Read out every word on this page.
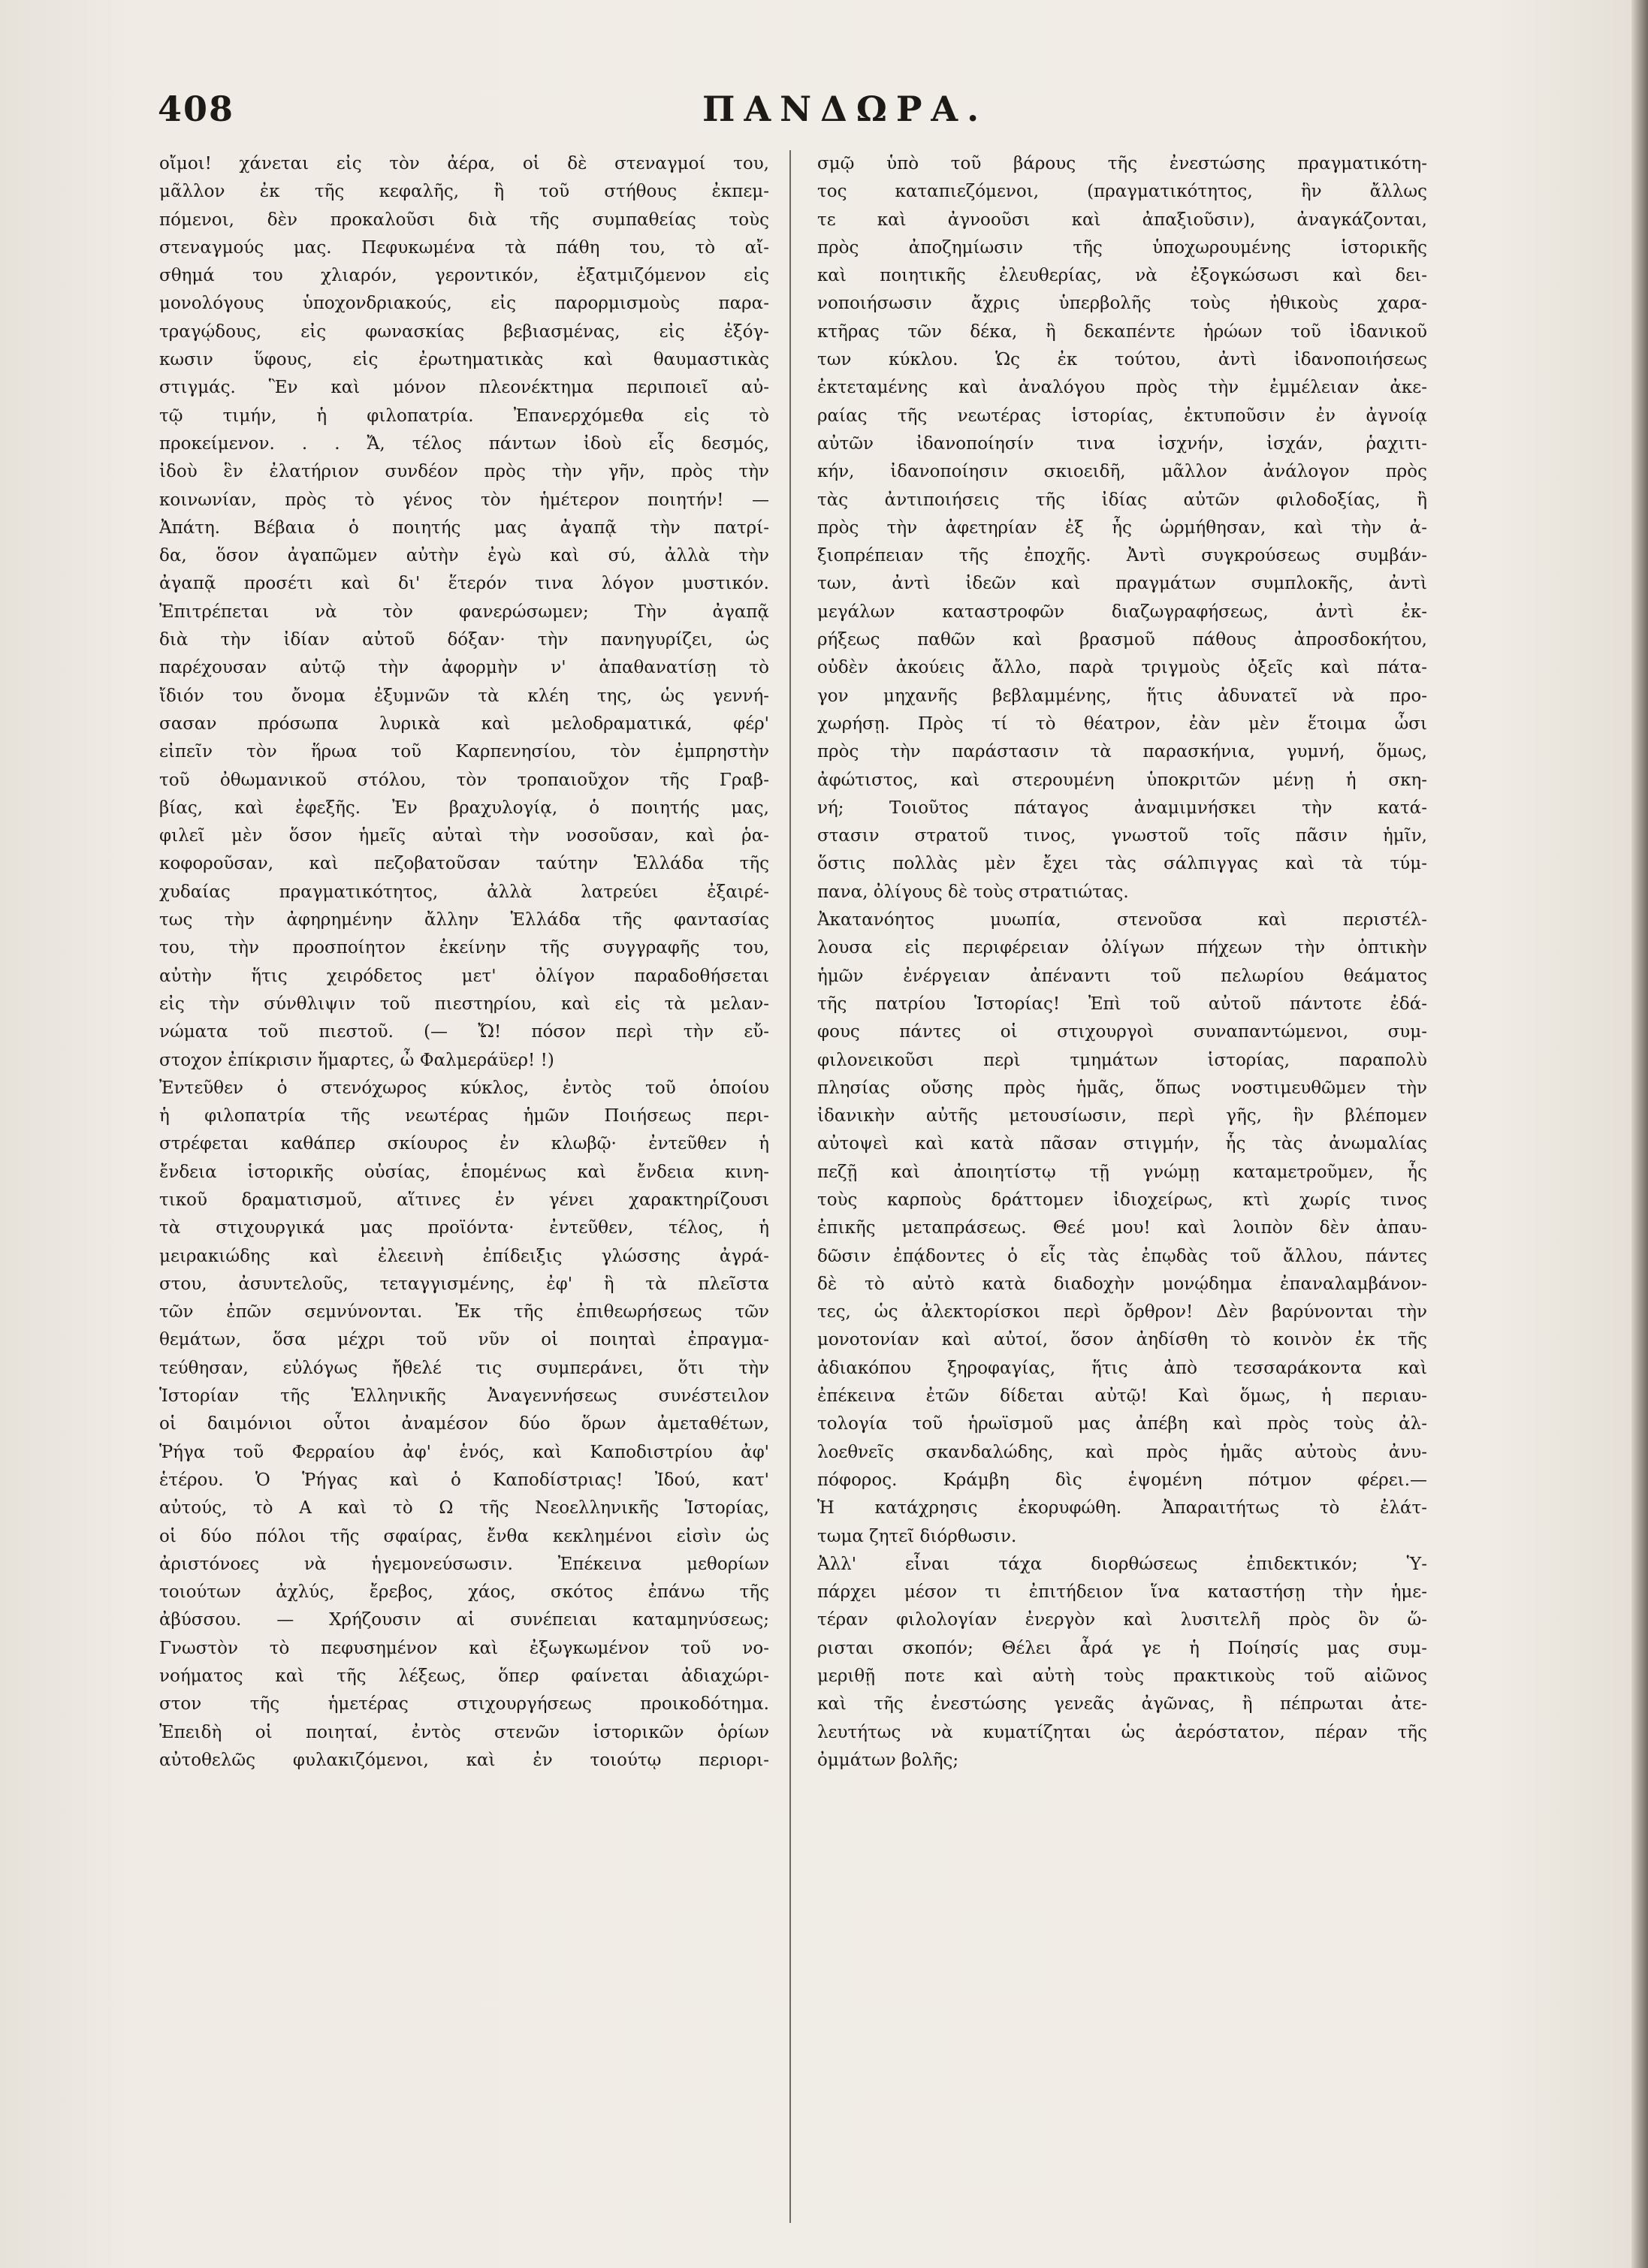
408	ΠΑΝΔΩΡΑ.
οἴμοι! χάνεται εἰς τὸν ἀέρα, οἱ δὲ στεναγμοί του,
μᾶλλον ἐκ τῆς κεφαλῆς, ἢ τοῦ στήθους ἐκπεμ-
πόμενοι, δὲν προκαλοῦσι διὰ τῆς συμπαθείας τοὺς
στεναγμούς μας. Πεφυκωμένα τὰ πάθη του, τὸ αἴ-
σθημά του χλιαρόν, γεροντικόν, ἐξατμιζόμενον εἰς
μονολόγους ὑποχονδριακούς, εἰς παρορμισμοὺς παρα-
τραγῴδους, εἰς φωνασκίας βεβιασμένας, εἰς ἐξόγ-
κωσιν ὕφους, εἰς ἐρωτηματικὰς καὶ θαυμαστικὰς
στιγμάς. Ἓν καὶ μόνον πλεονέκτημα περιποιεῖ αὐ-
τῷ τιμήν, ἡ φιλοπατρία. Ἐπανερχόμεθα εἰς τὸ
προκείμενον. . . Ἄ, τέλος πάντων ἰδοὺ εἷς δεσμός,
ἰδοὺ ἓν ἐλατήριον συνδέον πρὸς τὴν γῆν, πρὸς τὴν
κοινωνίαν, πρὸς τὸ γένος τὸν ἡμέτερον ποιητήν! —
Ἀπάτη. Βέβαια ὁ ποιητής μας ἀγαπᾷ τὴν πατρί-
δα, ὅσον ἀγαπῶμεν αὐτὴν ἐγὼ καὶ σύ, ἀλλὰ τὴν
ἀγαπᾷ προσέτι καὶ δι' ἕτερόν τινα λόγον μυστικόν.
Ἐπιτρέπεται νὰ τὸν φανερώσωμεν; Τὴν ἀγαπᾷ
διὰ τὴν ἰδίαν αὐτοῦ δόξαν· τὴν πανηγυρίζει, ὡς
παρέχουσαν αὐτῷ τὴν ἀφορμὴν ν' ἀπαθανατίσῃ τὸ
ἴδιόν του ὄνομα ἐξυμνῶν τὰ κλέη της, ὡς γεννή-
σασαν πρόσωπα λυρικὰ καὶ μελοδραματικά, φέρ'
εἰπεῖν τὸν ἥρωα τοῦ Καρπενησίου, τὸν ἐμπρηστὴν
τοῦ ὀθωμανικοῦ στόλου, τὸν τροπαιοῦχον τῆς Γραβ-
βίας, καὶ ἐφεξῆς. Ἐν βραχυλογίᾳ, ὁ ποιητής μας,
φιλεῖ μὲν ὅσον ἡμεῖς αὐταὶ τὴν νοσοῦσαν, καὶ ῥα-
κοφοροῦσαν, καὶ πεζοβατοῦσαν ταύτην Ἑλλάδα τῆς
χυδαίας πραγματικότητος, ἀλλὰ λατρεύει ἐξαιρέ-
τως τὴν ἀφηρημένην ἄλλην Ἑλλάδα τῆς φαντασίας
του, τὴν προσποίητον ἐκείνην τῆς συγγραφῆς του,
αὐτὴν ἥτις χειρόδετος μετ' ὀλίγον παραδοθήσεται
εἰς τὴν σύνθλιψιν τοῦ πιεστηρίου, καὶ εἰς τὰ μελαν-
νώματα τοῦ πιεστοῦ. (— Ὤ! πόσον περὶ τὴν εὔ-
στοχον ἐπίκρισιν ἥμαρτες, ὦ Φαλμεράϋερ! !)
Ἐντεῦθεν ὁ στενόχωρος κύκλος, ἐντὸς τοῦ ὁποίου
ἡ φιλοπατρία τῆς νεωτέρας ἡμῶν Ποιήσεως περι-
στρέφεται καθάπερ σκίουρος ἐν κλωβῷ· ἐντεῦθεν ἡ
ἔνδεια ἱστορικῆς οὐσίας, ἑπομένως καὶ ἔνδεια κινη-
τικοῦ δραματισμοῦ, αἵτινες ἐν γένει χαρακτηρίζουσι
τὰ στιχουργικά μας προϊόντα· ἐντεῦθεν, τέλος, ἡ
μειρακιώδης καὶ ἐλεεινὴ ἐπίδειξις γλώσσης ἀγρά-
στου, ἀσυντελοῦς, τεταγγισμένης, ἐφ' ἣ τὰ πλεῖστα
τῶν ἐπῶν σεμνύνονται. Ἐκ τῆς ἐπιθεωρήσεως τῶν
θεμάτων, ὅσα μέχρι τοῦ νῦν οἱ ποιηταὶ ἐπραγμα-
τεύθησαν, εὐλόγως ἤθελέ τις συμπεράνει, ὅτι τὴν
Ἱστορίαν τῆς Ἑλληνικῆς Ἀναγεννήσεως συνέστειλον
οἱ δαιμόνιοι οὗτοι ἀναμέσον δύο ὅρων ἀμεταθέτων,
Ῥήγα τοῦ Φερραίου ἀφ' ἑνός, καὶ Καποδιστρίου ἀφ'
ἑτέρου. Ὁ Ῥήγας καὶ ὁ Καποδίστριας! Ἰδού, κατ'
αὐτούς, τὸ Α καὶ τὸ Ω τῆς Νεοελληνικῆς Ἱστορίας,
οἱ δύο πόλοι τῆς σφαίρας, ἔνθα κεκλημένοι εἰσὶν ὡς
ἀριστόνοες νὰ ἡγεμονεύσωσιν. Ἐπέκεινα μεθορίων
τοιούτων ἀχλύς, ἔρεβος, χάος, σκότος ἐπάνω τῆς
ἀβύσσου. — Χρήζουσιν αἱ συνέπειαι καταμηνύσεως;
Γνωστὸν τὸ πεφυσημένον καὶ ἐξωγκωμένον τοῦ νο-
νοήματος καὶ τῆς λέξεως, ὅπερ φαίνεται ἀδιαχώρι-
στον τῆς ἡμετέρας στιχουργήσεως προικοδότημα.
Ἐπειδὴ οἱ ποιηταί, ἐντὸς στενῶν ἱστορικῶν ὁρίων
αὐτοθελῶς φυλακιζόμενοι, καὶ ἐν τοιούτῳ περιορι-
σμῷ ὑπὸ τοῦ βάρους τῆς ἐνεστώσης πραγματικότη-
τος καταπιεζόμενοι, (πραγματικότητος, ἣν ἄλλως
τε καὶ ἀγνοοῦσι καὶ ἀπαξιοῦσιν), ἀναγκάζονται,
πρὸς ἀποζημίωσιν τῆς ὑποχωρουμένης ἱστορικῆς
καὶ ποιητικῆς ἐλευθερίας, νὰ ἐξογκώσωσι καὶ δει-
νοποιήσωσιν ἄχρις ὑπερβολῆς τοὺς ἠθικοὺς χαρα-
κτῆρας τῶν δέκα, ἢ δεκαπέντε ἡρώων τοῦ ἰδανικοῦ
των κύκλου. Ὡς ἐκ τούτου, ἀντὶ ἰδανοποιήσεως
ἐκτεταμένης καὶ ἀναλόγου πρὸς τὴν ἐμμέλειαν ἀκε-
ραίας τῆς νεωτέρας ἱστορίας, ἐκτυποῦσιν ἐν ἀγνοίᾳ
αὐτῶν ἰδανοποίησίν τινα ἰσχνήν, ἰσχάν, ῥαχιτι-
κήν, ἰδανοποίησιν σκιοειδῆ, μᾶλλον ἀνάλογον πρὸς
τὰς ἀντιποιήσεις τῆς ἰδίας αὐτῶν φιλοδοξίας, ἢ
πρὸς τὴν ἀφετηρίαν ἐξ ἧς ὡρμήθησαν, καὶ τὴν ἀ-
ξιοπρέπειαν τῆς ἐποχῆς. Ἀντὶ συγκρούσεως συμβάν-
των, ἀντὶ ἰδεῶν καὶ πραγμάτων συμπλοκῆς, ἀντὶ
μεγάλων καταστροφῶν διαζωγραφήσεως, ἀντὶ ἐκ-
ρήξεως παθῶν καὶ βρασμοῦ πάθους ἀπροσδοκήτου,
οὐδὲν ἀκούεις ἄλλο, παρὰ τριγμοὺς ὀξεῖς καὶ πάτα-
γον μηχανῆς βεβλαμμένης, ἥτις ἀδυνατεῖ νὰ προ-
χωρήσῃ. Πρὸς τί τὸ θέατρον, ἐὰν μὲν ἕτοιμα ὦσι
πρὸς τὴν παράστασιν τὰ παρασκήνια, γυμνή, ὅμως,
ἀφώτιστος, καὶ στερουμένη ὑποκριτῶν μένῃ ἡ σκη-
νή; Τοιοῦτος πάταγος ἀναμιμνήσκει τὴν κατά-
στασιν στρατοῦ τινος, γνωστοῦ τοῖς πᾶσιν ἡμῖν,
ὅστις πολλὰς μὲν ἔχει τὰς σάλπιγγας καὶ τὰ τύμ-
πανα, ὀλίγους δὲ τοὺς στρατιώτας.
Ἀκατανόητος μυωπία, στενοῦσα καὶ περιστέλ-
λουσα εἰς περιφέρειαν ὀλίγων πήχεων τὴν ὀπτικὴν
ἡμῶν ἐνέργειαν ἀπέναντι τοῦ πελωρίου θεάματος
τῆς πατρίου Ἱστορίας! Ἐπὶ τοῦ αὐτοῦ πάντοτε ἐδά-
φους πάντες οἱ στιχουργοὶ συναπαντώμενοι, συμ-
φιλονεικοῦσι περὶ τμημάτων ἱστορίας, παραπολὺ
πλησίας οὔσης πρὸς ἡμᾶς, ὅπως νοστιμευθῶμεν τὴν
ἰδανικὴν αὐτῆς μετουσίωσιν, περὶ γῆς, ἣν βλέπομεν
αὐτοψεὶ καὶ κατὰ πᾶσαν στιγμήν, ἧς τὰς ἀνωμαλίας
πεζῇ καὶ ἀποιητίστῳ τῇ γνώμῃ καταμετροῦμεν, ἧς
τοὺς καρποὺς δράττομεν ἰδιοχείρως, κτὶ χωρίς τινος
ἐπικῆς μεταπράσεως. Θεέ μου! καὶ λοιπὸν δὲν ἀπαυ-
δῶσιν ἐπᾴδοντες ὁ εἷς τὰς ἐπῳδὰς τοῦ ἄλλου, πάντες
δὲ τὸ αὐτὸ κατὰ διαδοχὴν μονῴδημα ἐπαναλαμβάνον-
τες, ὡς ἀλεκτορίσκοι περὶ ὄρθρον! Δὲν βαρύνονται τὴν
μονοτονίαν καὶ αὐτοί, ὅσον ἀηδίσθη τὸ κοινὸν ἐκ τῆς
ἀδιακόπου ξηροφαγίας, ἥτις ἀπὸ τεσσαράκοντα καὶ
ἐπέκεινα ἐτῶν δίδεται αὐτῷ! Καὶ ὅμως, ἡ περιαυ-
τολογία τοῦ ἡρωϊσμοῦ μας ἀπέβη καὶ πρὸς τοὺς ἀλ-
λοεθνεῖς σκανδαλώδης, καὶ πρὸς ἡμᾶς αὐτοὺς ἀνυ-
πόφορος. Κράμβη δὶς ἑψομένη πότμον φέρει.—
Ἡ κατάχρησις ἐκορυφώθη. Ἀπαραιτήτως τὸ ἐλάτ-
τωμα ζητεῖ διόρθωσιν.
Ἀλλ' εἶναι τάχα διορθώσεως ἐπιδεκτικόν; Ὑ-
πάρχει μέσον τι ἐπιτήδειον ἵνα καταστήσῃ τὴν ἡμε-
τέραν φιλολογίαν ἐνεργὸν καὶ λυσιτελῆ πρὸς ὃν ὥ-
ρισται σκοπόν; Θέλει ἆρά γε ἡ Ποίησίς μας συμ-
μεριθῇ ποτε καὶ αὐτὴ τοὺς πρακτικοὺς τοῦ αἰῶνος
καὶ τῆς ἐνεστώσης γενεᾶς ἀγῶνας, ἢ πέπρωται ἀτε-
λευτήτως νὰ κυματίζηται ὡς ἀερόστατον, πέραν τῆς
ὀμμάτων βολῆς;
